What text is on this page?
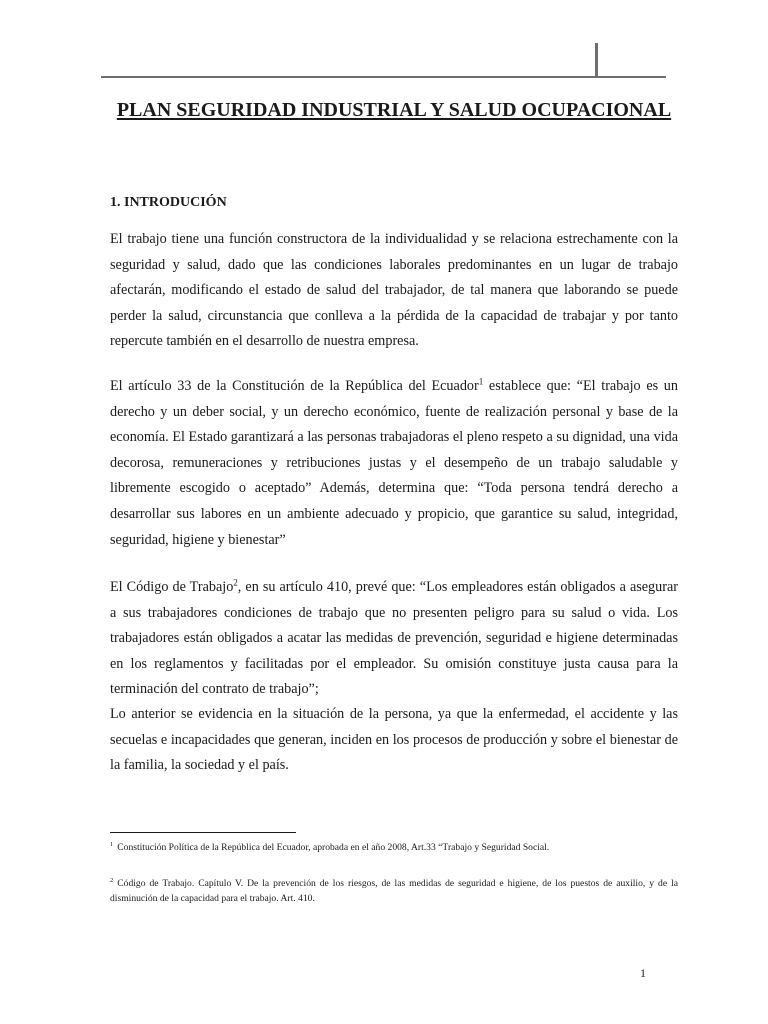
PLAN SEGURIDAD INDUSTRIAL Y SALUD OCUPACIONAL
1. INTRODUCIÓN

El trabajo tiene una función constructora de la individualidad y se relaciona estrechamente con la seguridad y salud, dado que las condiciones laborales predominantes en un lugar de trabajo afectarán, modificando el estado de salud del trabajador, de tal manera que laborando se puede perder la salud, circunstancia que conlleva a la pérdida de la capacidad de trabajar y por tanto repercute también en el desarrollo de nuestra empresa.

El artículo 33 de la Constitución de la República del Ecuador$^1$ establece que: “El trabajo es un derecho y un deber social, y un derecho económico, fuente de realización personal y base de la economía. El Estado garantizará a las personas trabajadoras el pleno respeto a su dignidad, una vida decorosa, remuneraciones y retribuciones justas y el desempeño de un trabajo saludable y libremente escogido o aceptado” Además, determina que: “Toda persona tendrá derecho a desarrollar sus labores en un ambiente adecuado y propicio, que garantice su salud, integridad, seguridad, higiene y bienestar”

El Código de Trabajo$^2$, en su artículo 410, prevé que: “Los empleadores están obligados a asegurar a sus trabajadores condiciones de trabajo que no presenten peligro para su salud o vida. Los trabajadores están obligados a acatar las medidas de prevención, seguridad e higiene determinadas en los reglamentos y facilitadas por el empleador. Su omisión constituye justa causa para la terminación del contrato de trabajo”;

Lo anterior se evidencia en la situación de la persona, ya que la enfermedad, el accidente y las secuelas e incapacidades que generan, inciden en los procesos de producción y sobre el bienestar de la familia, la sociedad y el país.

$^1$ Constitución Política de la República del Ecuador, aprobada en el año 2008, Art.33 “Trabajo y Seguridad Social.

$^2$ Código de Trabajo. Capítulo V. De la prevención de los riesgos, de las medidas de seguridad e higiene, de los puestos de auxilio, y de la disminución de la capacidad para el trabajo. Art. 410.

1
